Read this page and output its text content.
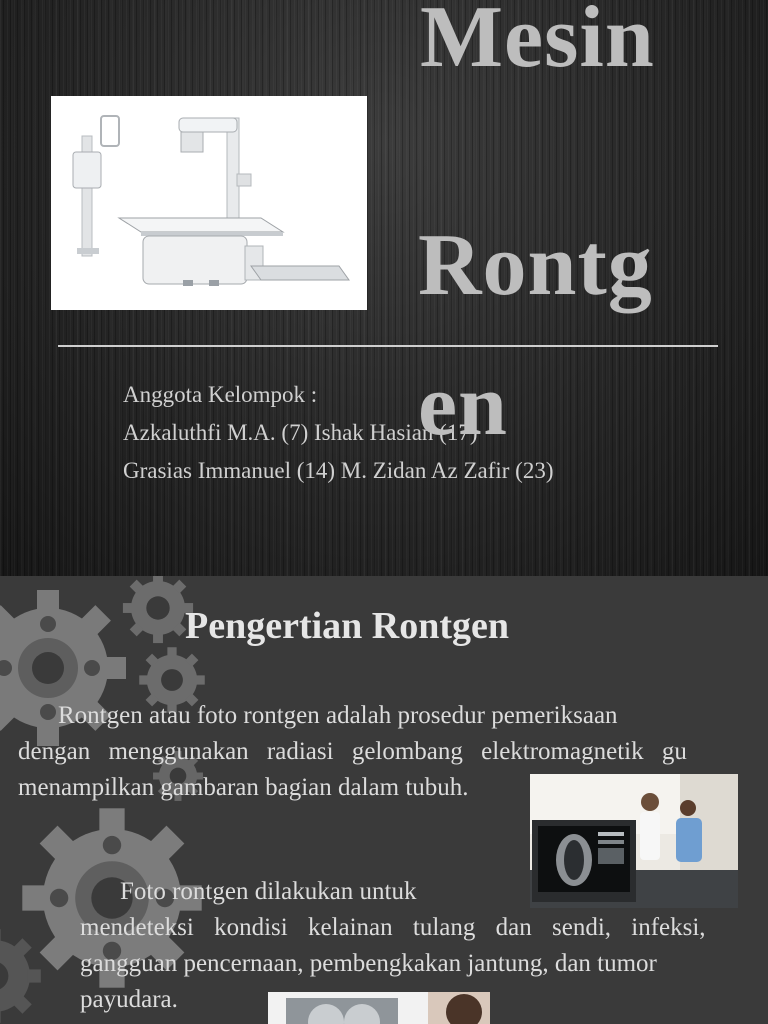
Mesin
Rontg
Anggota Kelompok :
Azkaluthfi M.A. (7) Ishak Hasian (17)
Grasias Immanuel (14) M. Zidan Az Zafir (23)
en
Pengertian Rontgen
Rontgen atau foto rontgen adalah prosedur pemeriksaan
dengan menggunakan radiasi gelombang elektromagnetik gu
menampilkan gambaran bagian dalam tubuh.
Foto rontgen dilakukan untuk
mendeteksi kondisi kelainan tulang dan sendi, infeksi,
gangguan pencernaan, pembengkakan jantung, dan tumor
payudara.
